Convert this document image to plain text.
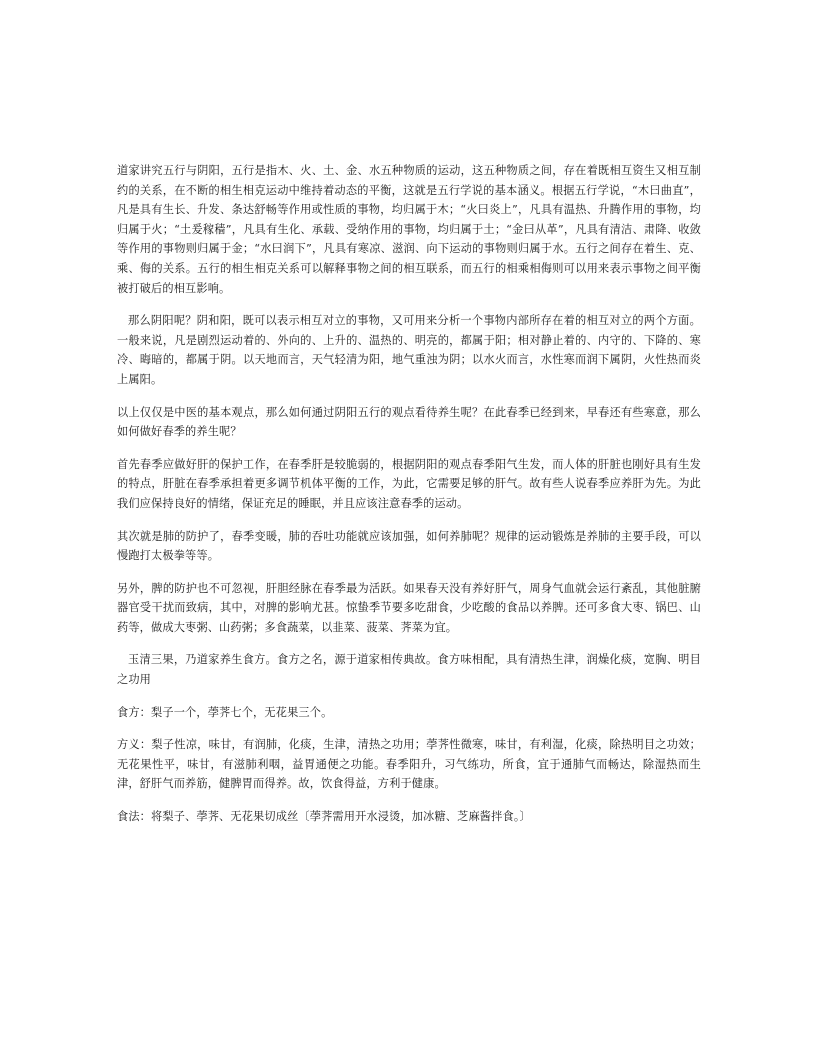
道家讲究五行与阴阳，五行是指木、火、土、金、水五种物质的运动，这五种物质之间，存在着既相互资生又相互制约的关系，在不断的相生相克运动中维持着动态的平衡，这就是五行学说的基本涵义。根据五行学说，“木曰曲直”，凡是具有生长、升发、条达舒畅等作用或性质的事物，均归属于木；“火曰炎上”，凡具有温热、升腾作用的事物，均归属于火；“土爰稼穑”，凡具有生化、承载、受纳作用的事物，均归属于土；“金曰从革”，凡具有清洁、肃降、收敛等作用的事物则归属于金；“水曰润下”，凡具有寒凉、滋润、向下运动的事物则归属于水。五行之间存在着生、克、乘、侮的关系。五行的相生相克关系可以解释事物之间的相互联系，而五行的相乘相侮则可以用来表示事物之间平衡被打破后的相互影响。

那么阴阳呢？阴和阳，既可以表示相互对立的事物，又可用来分析一个事物内部所存在着的相互对立的两个方面。一般来说，凡是剧烈运动着的、外向的、上升的、温热的、明亮的，都属于阳；相对静止着的、内守的、下降的、寒冷、晦暗的，都属于阴。以天地而言，天气轻清为阳，地气重浊为阴；以水火而言，水性寒而润下属阴，火性热而炎上属阳。

以上仅仅是中医的基本观点，那么如何通过阴阳五行的观点看待养生呢？在此春季已经到来，早春还有些寒意，那么如何做好春季的养生呢？

首先春季应做好肝的保护工作，在春季肝是较脆弱的，根据阴阳的观点春季阳气生发，而人体的肝脏也刚好具有生发的特点，肝脏在春季承担着更多调节机体平衡的工作，为此，它需要足够的肝气。故有些人说春季应养肝为先。为此我们应保持良好的情绪，保证充足的睡眠，并且应该注意春季的运动。

其次就是肺的防护了，春季变暖，肺的吞吐功能就应该加强，如何养肺呢？规律的运动锻炼是养肺的主要手段，可以慢跑打太极拳等等。

另外，脾的防护也不可忽视，肝胆经脉在春季最为活跃。如果春天没有养好肝气，周身气血就会运行紊乱，其他脏腑器官受干扰而致病，其中，对脾的影响尤甚。惊蛰季节要多吃甜食，少吃酸的食品以养脾。还可多食大枣、锅巴、山药等，做成大枣粥、山药粥；多食蔬菜，以韭菜、菠菜、荠菜为宜。

玉清三果，乃道家养生食方。食方之名，源于道家相传典故。食方味相配，具有清热生津，润燥化痰，宽胸、明目之功用

食方：梨子一个，荸荠七个，无花果三个。

方义：梨子性凉，味甘，有润肺，化痰，生津，清热之功用；荸荠性微寒，味甘，有利湿，化痰，除热明目之功效；无花果性平，味甘，有滋肺利咽，益胃通便之功能。春季阳升，习气练功，所食，宜于通肺气而畅达，除湿热而生津，舒肝气而养筋，健脾胃而得养。故，饮食得益，方利于健康。

食法：将梨子、荸荠、无花果切成丝〔荸荠需用开水浸烫，加冰糖、芝麻酱拌食。〕
